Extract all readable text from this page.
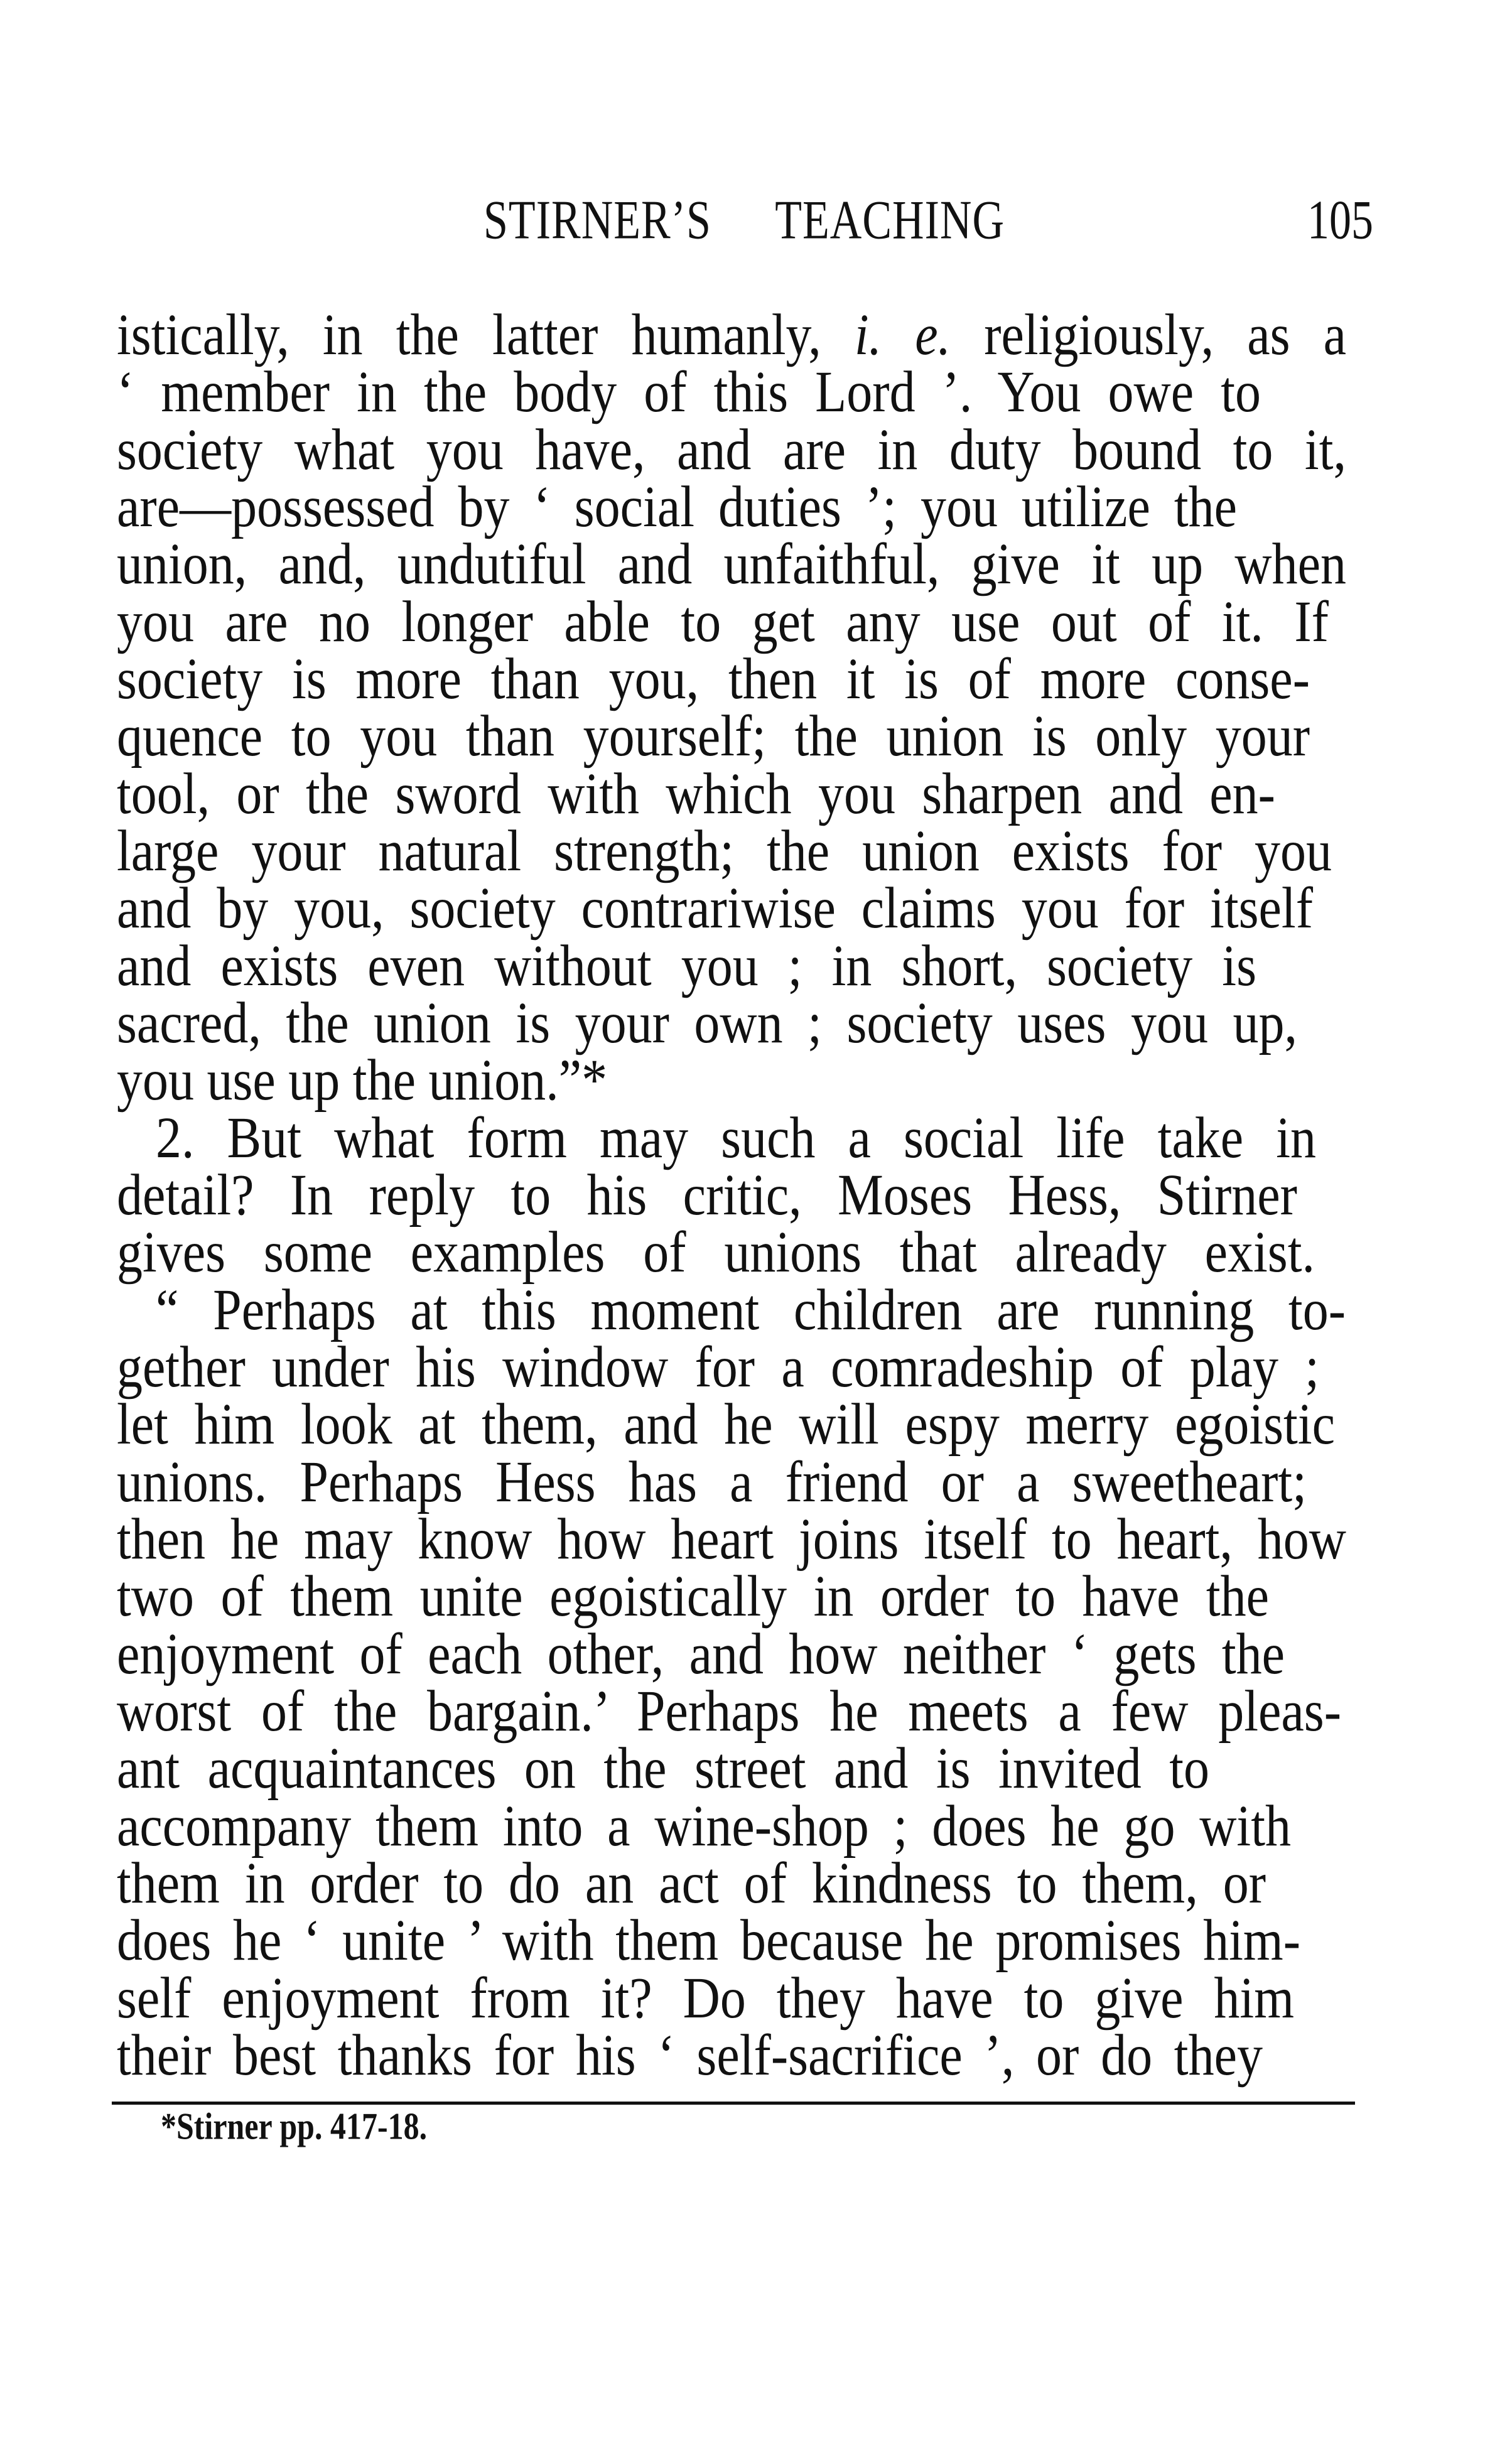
STIRNER’S TEACHING	105
istically, in the latter humanly, i. e. religiously, as a
‘ member in the body of this Lord ’. You owe to
society what you have, and are in duty bound to it,
are—possessed by ‘ social duties ’; you utilize the
union, and, undutiful and unfaithful, give it up when
you are no longer able to get any use out of it. If
society is more than you, then it is of more conse-
quence to you than yourself; the union is only your
tool, or the sword with which you sharpen and en-
large your natural strength; the union exists for you
and by you, society contrariwise claims you for itself
and exists even without you ; in short, society is
sacred, the union is your own ; society uses you up,
you use up the union.”*
2. But what form may such a social life take in
detail? In reply to his critic, Moses Hess, Stirner
gives some examples of unions that already exist.
“ Perhaps at this moment children are running to-
gether under his window for a comradeship of play ;
let him look at them, and he will espy merry egoistic
unions. Perhaps Hess has a friend or a sweetheart;
then he may know how heart joins itself to heart, how
two of them unite egoistically in order to have the
enjoyment of each other, and how neither ‘ gets the
worst of the bargain.’ Perhaps he meets a few pleas-
ant acquaintances on the street and is invited to
accompany them into a wine-shop ; does he go with
them in order to do an act of kindness to them, or
does he ‘ unite ’ with them because he promises him-
self enjoyment from it? Do they have to give him
their best thanks for his ‘ self-sacrifice ’, or do they
*Stirner pp. 417-18.
